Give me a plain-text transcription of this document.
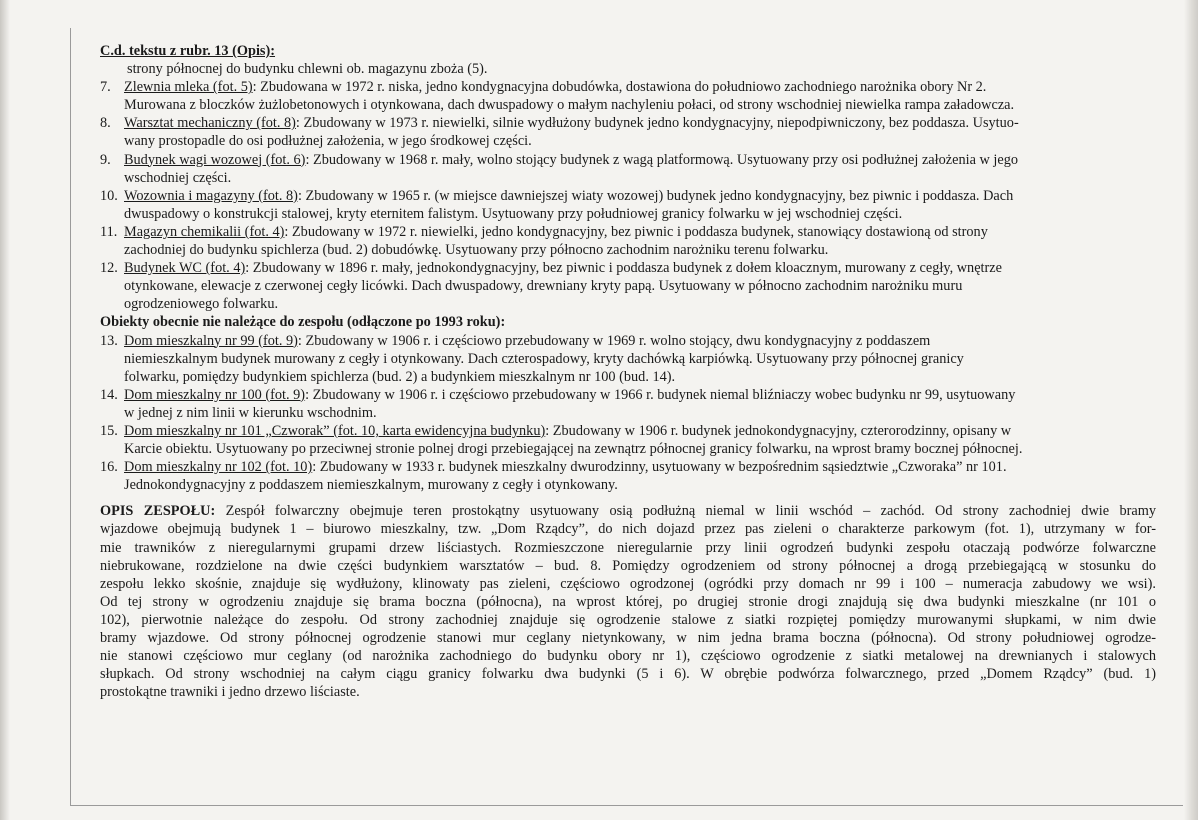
C.d. tekstu z rubr. 13 (Opis):
strony północnej do budynku chlewni ob. magazynu zboża (5).
7. Zlewnia mleka (fot. 5): Zbudowana w 1972 r. niska, jedno kondygnacyjna dobudówka, dostawiona do południowo zachodniego narożnika obory Nr 2.
Murowana z bloczków żużlobetonowych i otynkowana, dach dwuspadowy o małym nachyleniu połaci, od strony wschodniej niewielka rampa załadowcza.
8. Warsztat mechaniczny (fot. 8): Zbudowany w 1973 r. niewielki, silnie wydłużony budynek jedno kondygnacyjny, niepodpiwniczony, bez poddasza. Usytuo-
wany prostopadle do osi podłużnej założenia, w jego środkowej części.
9. Budynek wagi wozowej (fot. 6): Zbudowany w 1968 r. mały, wolno stojący budynek z wagą platformową. Usytuowany przy osi podłużnej założenia w jego
wschodniej części.
10. Wozownia i magazyny (fot. 8): Zbudowany w 1965 r. (w miejsce dawniejszej wiaty wozowej) budynek jedno kondygnacyjny, bez piwnic i poddasza. Dach
dwuspadowy o konstrukcji stalowej, kryty eternitem falistym. Usytuowany przy południowej granicy folwarku w jej wschodniej części.
11. Magazyn chemikalii (fot. 4): Zbudowany w 1972 r. niewielki, jedno kondygnacyjny, bez piwnic i poddasza budynek, stanowiący dostawioną od strony
zachodniej do budynku spichlerza (bud. 2) dobudówkę. Usytuowany przy północno zachodnim narożniku terenu folwarku.
12. Budynek WC (fot. 4): Zbudowany w 1896 r. mały, jednokondygnacyjny, bez piwnic i poddasza budynek z dołem kloacznym, murowany z cegły, wnętrze
otynkowane, elewacje z czerwonej cegły licówki. Dach dwuspadowy, drewniany kryty papą. Usytuowany w północno zachodnim narożniku muru
ogrodzeniowego folwarku.
Obiekty obecnie nie należące do zespołu (odłączone po 1993 roku):
13. Dom mieszkalny nr 99 (fot. 9): Zbudowany w 1906 r. i częściowo przebudowany w 1969 r. wolno stojący, dwu kondygnacyjny z poddaszem
niemieszkalnym budynek murowany z cegły i otynkowany. Dach czterospadowy, kryty dachówką karpiówką. Usytuowany przy północnej granicy
folwarku, pomiędzy budynkiem spichlerza (bud. 2) a budynkiem mieszkalnym nr 100 (bud. 14).
14. Dom mieszkalny nr 100 (fot. 9): Zbudowany w 1906 r. i częściowo przebudowany w 1966 r. budynek niemal bliźniaczy wobec budynku nr 99, usytuowany
w jednej z nim linii w kierunku wschodnim.
15. Dom mieszkalny nr 101 „Czworak” (fot. 10, karta ewidencyjna budynku): Zbudowany w 1906 r. budynek jednokondygnacyjny, czterorodzinny, opisany w
Karcie obiektu. Usytuowany po przeciwnej stronie polnej drogi przebiegającej na zewnątrz północnej granicy folwarku, na wprost bramy bocznej północnej.
16. Dom mieszkalny nr 102 (fot. 10): Zbudowany w 1933 r. budynek mieszkalny dwurodzinny, usytuowany w bezpośrednim sąsiedztwie „Czworaka” nr 101.
Jednokondygnacyjny z poddaszem niemieszkalnym, murowany z cegły i otynkowany.
OPIS ZESPOŁU: Zespół folwarczny obejmuje teren prostokątny usytuowany osią podłużną niemal w linii wschód – zachód. Od strony zachodniej dwie bramy
wjazdowe obejmują budynek 1 – biurowo mieszkalny, tzw. „Dom Rządcy”, do nich dojazd przez pas zieleni o charakterze parkowym (fot. 1), utrzymany w for-
mie trawników z nieregularnymi grupami drzew liściastych. Rozmieszczone nieregularnie przy linii ogrodzeń budynki zespołu otaczają podwórze folwarczne
niebrukowane, rozdzielone na dwie części budynkiem warsztatów – bud. 8. Pomiędzy ogrodzeniem od strony północnej a drogą przebiegającą w stosunku do
zespołu lekko skośnie, znajduje się wydłużony, klinowaty pas zieleni, częściowo ogrodzonej (ogródki przy domach nr 99 i 100 – numeracja zabudowy we wsi).
Od tej strony w ogrodzeniu znajduje się brama boczna (północna), na wprost której, po drugiej stronie drogi znajdują się dwa budynki mieszkalne (nr 101 o
102), pierwotnie należące do zespołu. Od strony zachodniej znajduje się ogrodzenie stalowe z siatki rozpiętej pomiędzy murowanymi słupkami, w nim dwie
bramy wjazdowe. Od strony północnej ogrodzenie stanowi mur ceglany nietynkowany, w nim jedna brama boczna (północna). Od strony południowej ogrodze-
nie stanowi częściowo mur ceglany (od narożnika zachodniego do budynku obory nr 1), częściowo ogrodzenie z siatki metalowej na drewnianych i stalowych
słupkach. Od strony wschodniej na całym ciągu granicy folwarku dwa budynki (5 i 6). W obrębie podwórza folwarcznego, przed „Domem Rządcy” (bud. 1)
prostokątne trawniki i jedno drzewo liściaste.
